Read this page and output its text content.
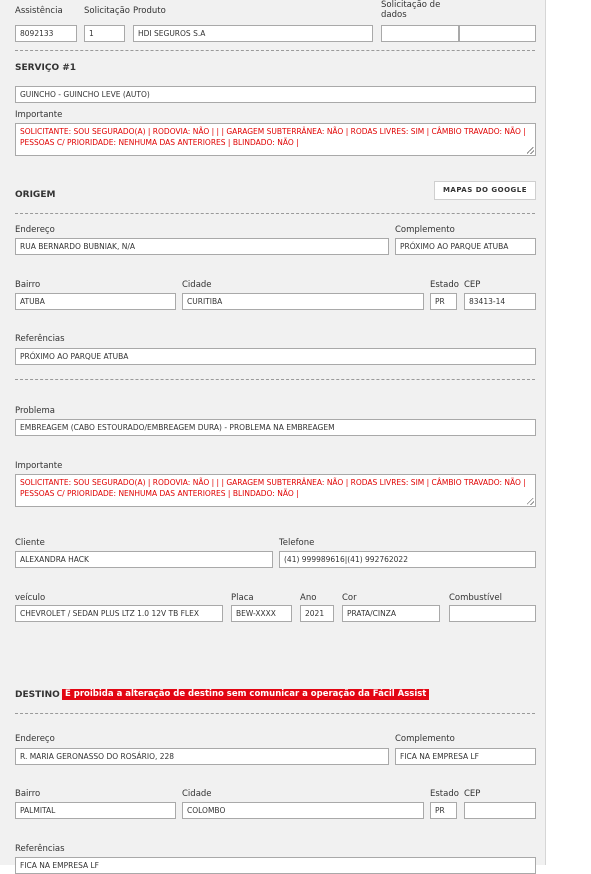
Assistência	Solicitação Produto
Solicitação de dados
8092133	1	HDI SEGUROS S.A
SERVIÇO #1
GUINCHO - GUINCHO LEVE (AUTO)
Importante
SOLICITANTE: SOU SEGURADO(A) | RODOVIA: NÃO | | | GARAGEM SUBTERRÂNEA: NÃO | RODAS LIVRES: SIM | CÂMBIO TRAVADO: NÃO | PESSOAS C/ PRIORIDADE: NENHUMA DAS ANTERIORES | BLINDADO: NÃO |
ORIGEM	MAPAS DO GOOGLE
Endereço	Complemento
RUA BERNARDO BUBNIAK, N/A	PRÓXIMO AO PARQUE ATUBA
Bairro	Cidade	Estado CEP
ATUBA	CURITIBA	PR	83413-14
Referências
PRÓXIMO AO PARQUE ATUBA
Problema
EMBREAGEM (CABO ESTOURADO/EMBREAGEM DURA) - PROBLEMA NA EMBREAGEM
Importante
SOLICITANTE: SOU SEGURADO(A) | RODOVIA: NÃO | | | GARAGEM SUBTERRÂNEA: NÃO | RODAS LIVRES: SIM | CÂMBIO TRAVADO: NÃO | PESSOAS C/ PRIORIDADE: NENHUMA DAS ANTERIORES | BLINDADO: NÃO |
Cliente	Telefone
ALEXANDRA HACK	(41) 999989616|(41) 992762022
veículo	Placa	Ano	Cor	Combustível
CHEVROLET / SEDAN PLUS LTZ 1.0 12V TB FLEX	BEW-XXXX	2021	PRATA/CINZA
DESTINO É proibida a alteração de destino sem comunicar a operação da Fácil Assist
Endereço	Complemento
R. MARIA GERONASSO DO ROSÁRIO, 228	FICA NA EMPRESA LF
Bairro	Cidade	Estado CEP
PALMITAL	COLOMBO	PR
Referências
FICA NA EMPRESA LF
